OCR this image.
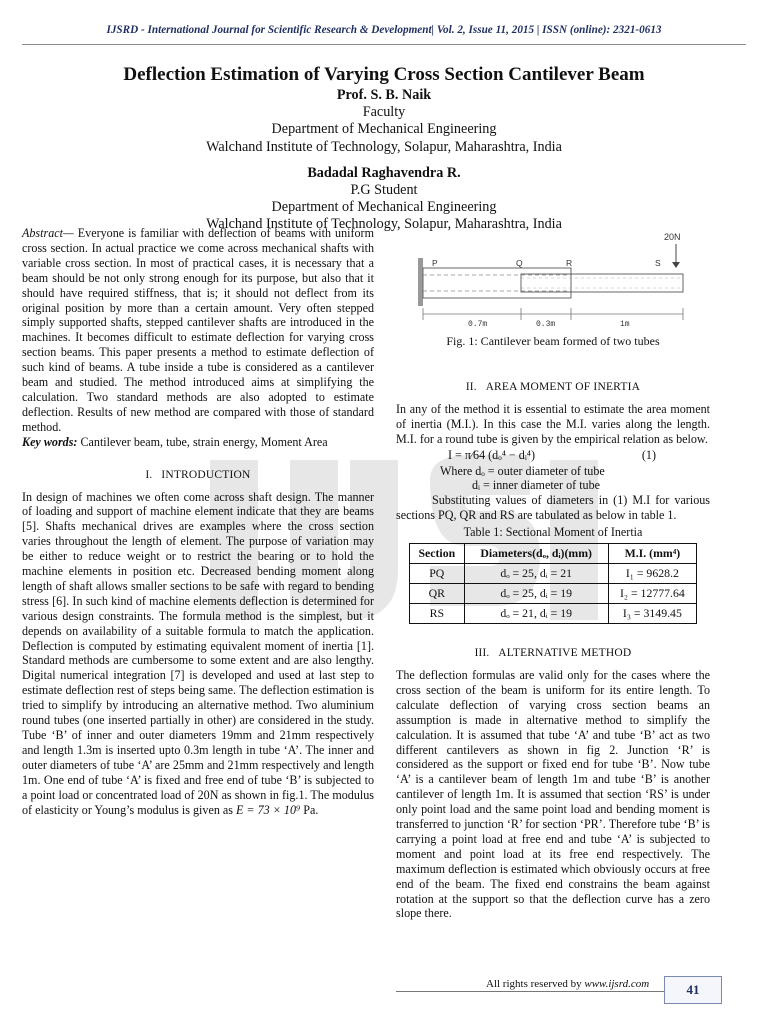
IJSRD - International Journal for Scientific Research & Development| Vol. 2, Issue 11, 2015 | ISSN (online): 2321-0613
Deflection Estimation of Varying Cross Section Cantilever Beam
Prof. S. B. Naik
Faculty
Department of Mechanical Engineering
Walchand Institute of Technology, Solapur, Maharashtra, India
Badadal Raghavendra R.
P.G Student
Department of Mechanical Engineering
Walchand Institute of Technology, Solapur, Maharashtra, India

Abstract— Everyone is familiar with deflection of beams with uniform cross section. In actual practice we come across mechanical shafts with variable cross section. In most of practical cases, it is necessary that a beam should be not only strong enough for its purpose, but also that it should have required stiffness, that is; it should not deflect from its original position by more than a certain amount. Very often stepped simply supported shafts, stepped cantilever shafts are introduced in the machines. It becomes difficult to estimate deflection for varying cross section beams. This paper presents a method to estimate deflection of such kind of beams. A tube inside a tube is considered as a cantilever beam and studied. The method introduced aims at simplifying the calculation. Two standard methods are also adopted to estimate deflection. Results of new method are compared with those of standard method.

Key words: Cantilever beam, tube, strain energy, Moment Area

I. INTRODUCTION

In design of machines we often come across shaft design. The manner of loading and support of machine element indicate that they are beams [5]. Shafts mechanical drives are examples where the cross section varies throughout the length of element. The purpose of variation may be either to reduce weight or to restrict the bearing or to hold the machine elements in position etc. Decreased bending moment along length of shaft allows smaller sections to be safe with regard to bending stress [6]. In such kind of machine elements deflection is determined for various design constraints. The formula method is the simplest, but it depends on availability of a suitable formula to match the application. Deflection is computed by estimating equivalent moment of inertia [1]. Standard methods are cumbersome to some extent and are also lengthy. Digital numerical integration [7] is developed and used at last step to estimate deflection rest of steps being same. The deflection estimation is tried to simplify by introducing an alternative method. Two aluminium round tubes (one inserted partially in other) are considered in the study. Tube ‘B’ of inner and outer diameters 19mm and 21mm respectively and length 1.3m is inserted upto 0.3m length in tube ‘A’. The inner and outer diameters of tube ‘A’ are 25mm and 21mm respectively and length 1m. One end of tube ‘A’ is fixed and free end of tube ‘B’ is subjected to a point load or concentrated load of 20N as shown in fig.1. The modulus of elasticity or Young’s modulus is given as E = 73 × 10⁹ Pa.

20N
P	Q	R	S
0.7m	0.3m	1m
Fig. 1: Cantilever beam formed of two tubes
II. AREA MOMENT OF INERTIA

In any of the method it is essential to estimate the area moment of inertia (M.I.). In this case the M.I. varies along the length. M.I. for a round tube is given by the empirical relation as below.

I = π⁄64 (dₒ⁴ − dᵢ⁴)	(1)
Where dₒ = outer diameter of tube
dᵢ = inner diameter of tube

Substituting values of diameters in (1) M.I for various sections PQ, QR and RS are tabulated as below in table 1.

Table 1: Sectional Moment of Inertia
Section	Diameters(dₒ, dᵢ)(mm)	M.I. (mm⁴)
PQ	dₒ = 25, dᵢ = 21	I₁ = 9628.2
QR	dₒ = 25, dᵢ = 19	I₂ = 12777.64
RS	dₒ = 21, dᵢ = 19	I₃ = 3149.45
III. ALTERNATIVE METHOD

The deflection formulas are valid only for the cases where the cross section of the beam is uniform for its entire length. To calculate deflection of varying cross section beams an assumption is made in alternative method to simplify the calculation. It is assumed that tube ‘A’ and tube ‘B’ act as two different cantilevers as shown in fig 2. Junction ‘R’ is considered as the support or fixed end for tube ‘B’. Now tube ‘A’ is a cantilever beam of length 1m and tube ‘B’ is another cantilever of length 1m. It is assumed that section ‘RS’ is under only point load and the same point load and bending moment is transferred to junction ‘R’ for section ‘PR’. Therefore tube ‘B’ is carrying a point load at free end and tube ‘A’ is subjected to moment and point load at its free end respectively. The maximum deflection is estimated which obviously occurs at free end of the beam. The fixed end constrains the beam against rotation at the support so that the deflection curve has a zero slope there.

All rights reserved by www.ijsrd.com	41
